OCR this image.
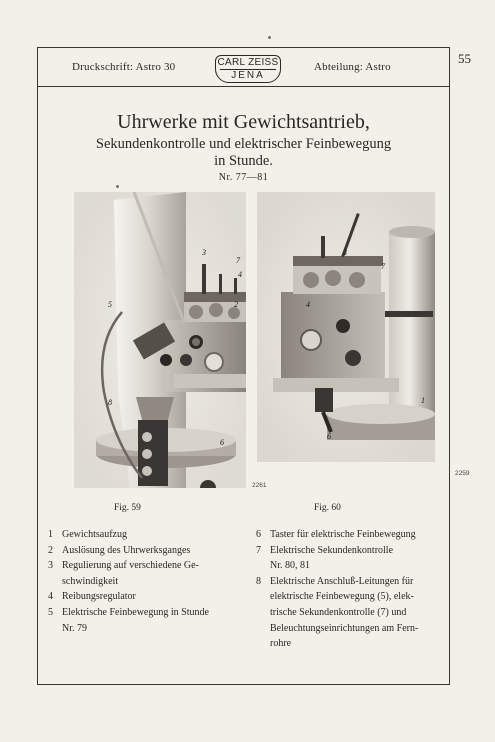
55
Druckschrift: Astro 30	CARL ZEISS
JENA
Abteilung: Astro
Uhrwerke mit Gewichtsantrieb,
Sekundenkontrolle und elektrischer Feinbewegung
in Stunde.
Nr. 77—81
3
7
4
2
5
8
6
2261
3
7
4
1
6
2259
Fig. 59	Fig. 60
1 Gewichtsaufzug
2 Auslösung des Uhrwerksganges
3 Regulierung auf verschiedene Ge-
schwindigkeit
4 Reibungsregulator
5 Elektrische Feinbewegung in Stunde
Nr. 79
6 Taster für elektrische Feinbewegung
7 Elektrische Sekundenkontrolle
Nr. 80, 81
8 Elektrische Anschluß-Leitungen für
elektrische Feinbewegung (5), elek-
trische Sekundenkontrolle (7) und
Beleuchtungseinrichtungen am Fern-
rohre
